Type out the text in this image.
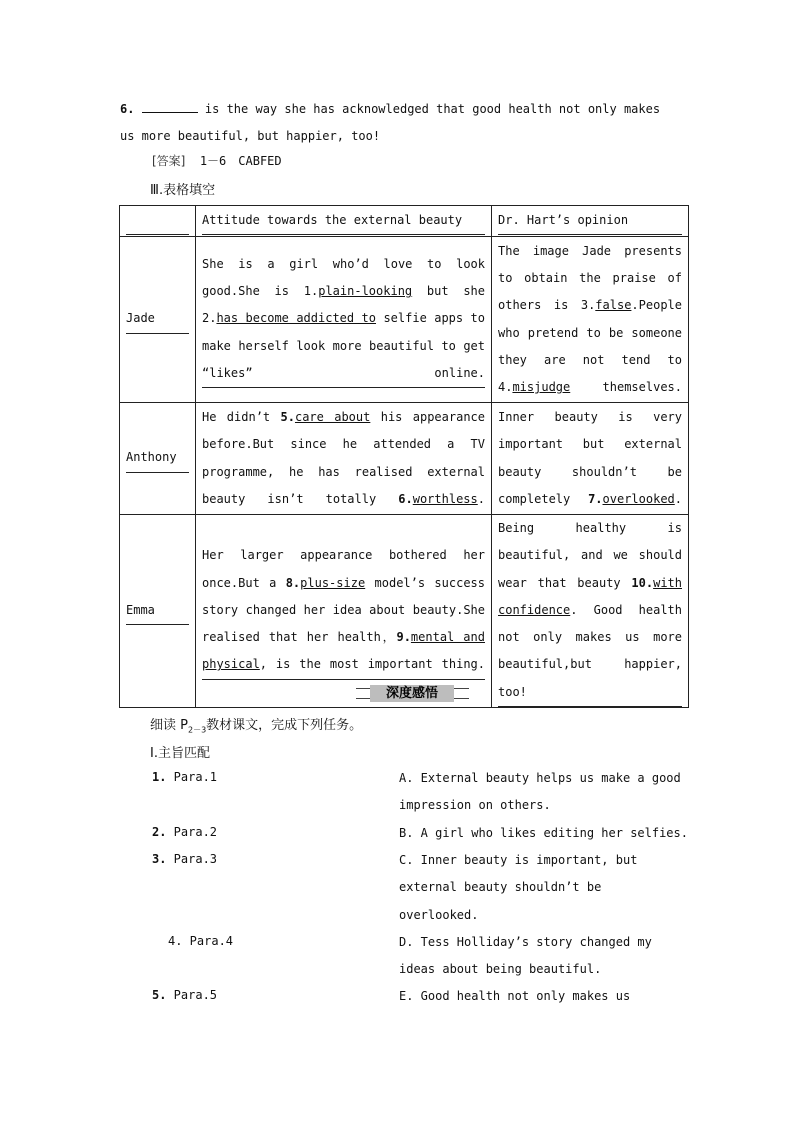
6.	is the way she has acknowledged that good health not only makes us more beautiful, but happier, too!
[答案] 1－6　CABFED
Ⅲ.表格填空

	Attitude towards the external beauty	Dr. Hart’s opinion

Jade	She is a girl who’d love to look good.She is 1.plain-looking but she 2.has become addicted to selfie apps to make herself look more beautiful to get “likes” online.	The image Jade presents to obtain the praise of others is 3.false.People who pretend to be someone they are not tend to 4.misjudge themselves.

Anthony	He didn’t 5.care about his appearance before.But since he attended a TV programme, he has realised external beauty isn’t totally 6.worthless.	Inner beauty is very important but external beauty shouldn’t be completely 7.overlooked.

Emma	Her larger appearance bothered her once.But a 8.plus-size model’s success story changed her idea about beauty.She realised that her health，9.mental and physical, is the most important thing.	Being healthy is beautiful, and we should wear that beauty 10.with confidence. Good health not only makes us more beautiful,but happier, too!
深度感悟
细读 $P_{2-3}$教材课文，完成下列任务。
Ⅰ.主旨匹配
1. Para.1	A. External beauty helps us make a good impression on others.
2. Para.2	B. A girl who likes editing her selfies.
3. Para.3	C. Inner beauty is important, but external beauty shouldn’t be overlooked.
4. Para.4	D. Tess Holliday’s story changed my ideas about being beautiful.
5. Para.5	E. Good health not only makes us
